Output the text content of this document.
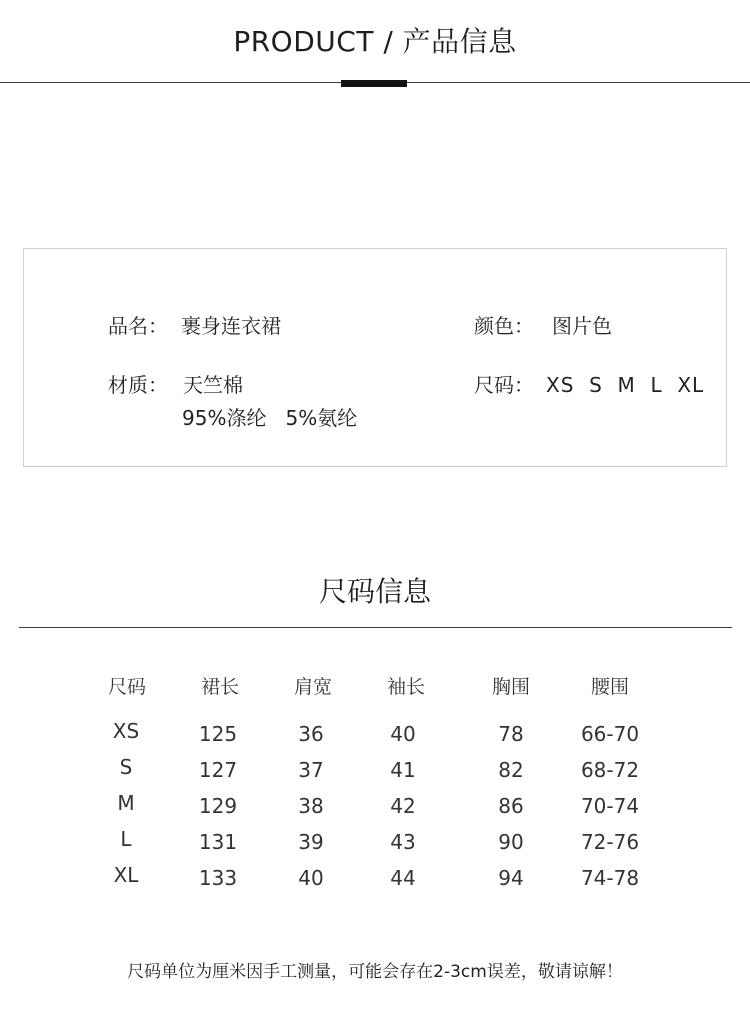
PRODUCT / 产品信息
品名： 裹身连衣裙	颜色： 图片色
材质： 天竺棉
95%涤纶   5%氨纶
尺码： XS  S  M  L  XL
尺码信息
尺码	裙长	肩宽	袖长	胸围	腰围
XS	125	36	40	78	66-70
S	127	37	41	82	68-72
M	129	38	42	86	70-74
L	131	39	43	90	72-76
XL	133	40	44	94	74-78
尺码单位为厘米因手工测量，可能会存在2-3cm误差，敬请谅解！
